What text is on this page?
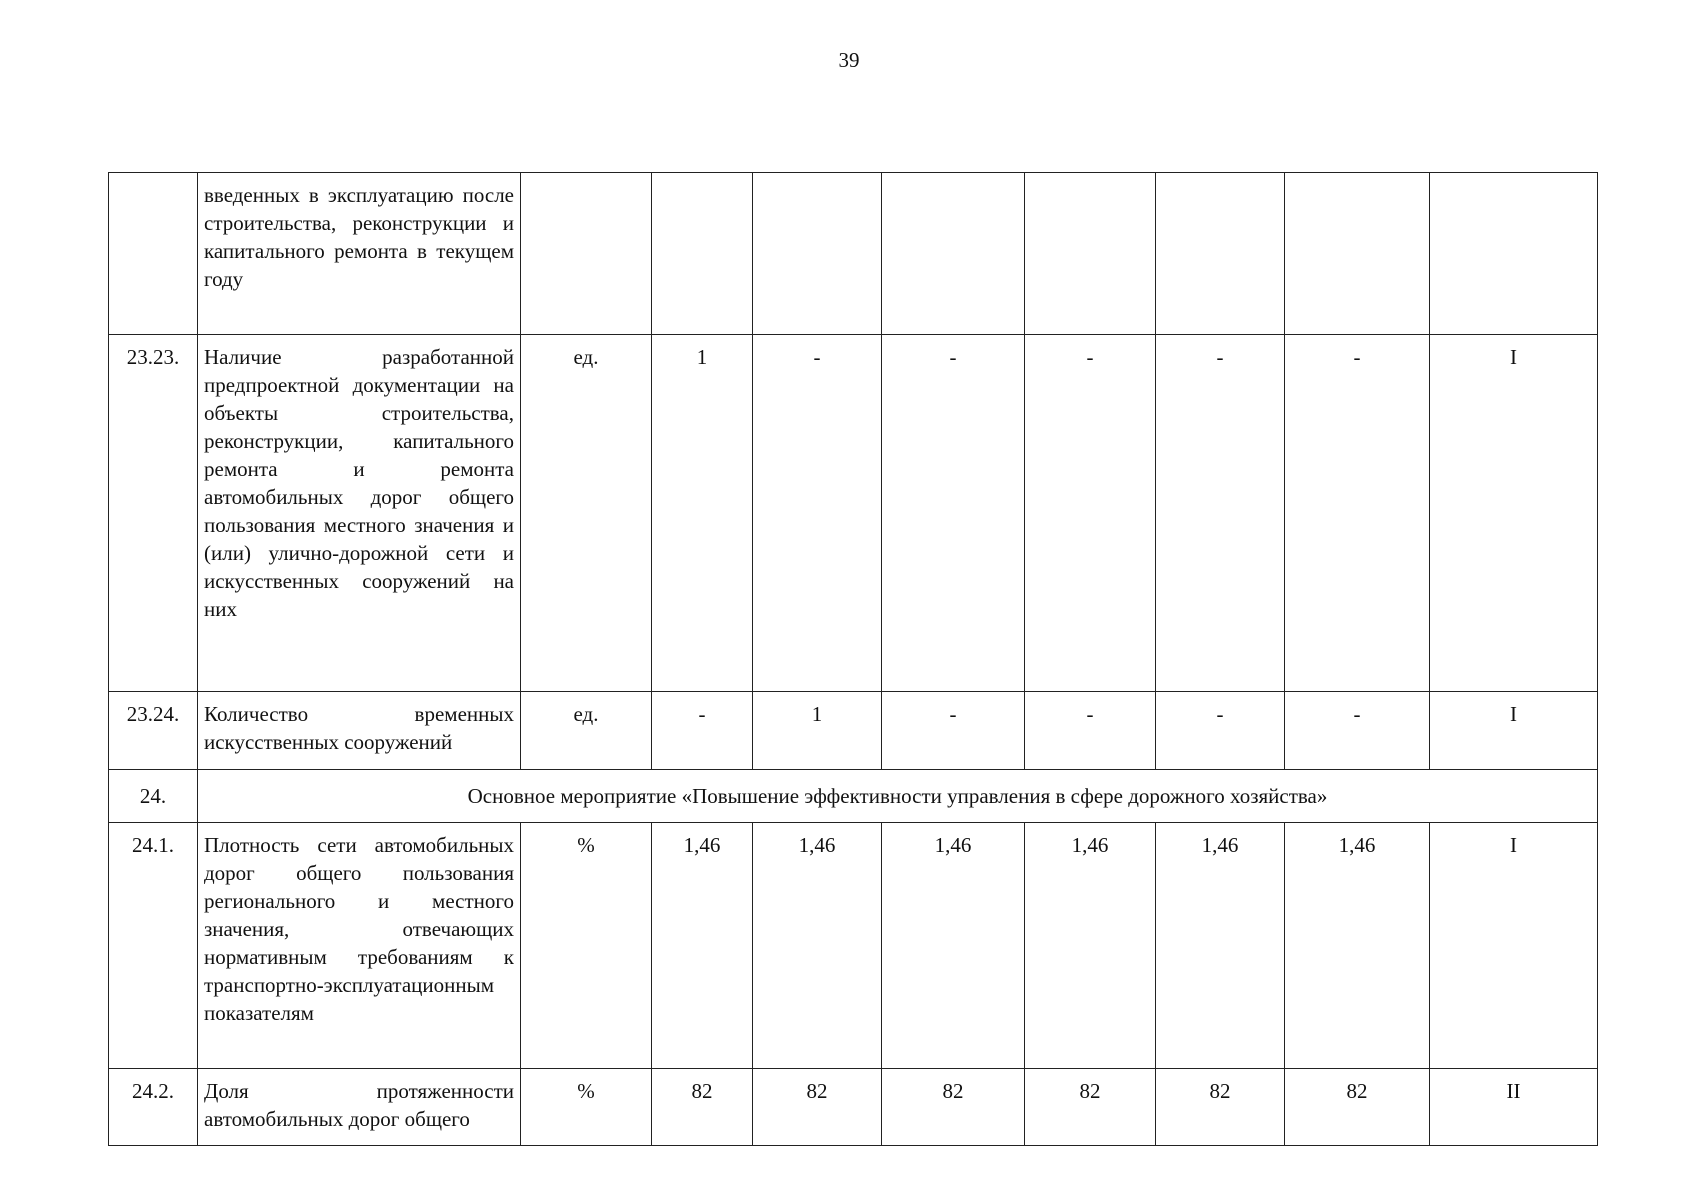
39
	введенных в эксплуатацию после строительства, реконструкции и капитального ремонта в текущем году								
23.23.	Наличие разработанной предпроектной документации на объекты строительства, реконструкции, капитального ремонта и ремонта автомобильных дорог общего пользования местного значения и (или) улично-дорожной сети и искусственных сооружений на них	ед.	1	-	-	-	-	-	I
23.24.	Количество временных искусственных сооружений	ед.	-	1	-	-	-	-	I
24.	Основное мероприятие «Повышение эффективности управления в сфере дорожного хозяйства»								
24.1.	Плотность сети автомобильных дорог общего пользования регионального и местного значения, отвечающих нормативным требованиям к транспортно-эксплуатационным показателям	%	1,46	1,46	1,46	1,46	1,46	1,46	I
24.2.	Доля протяженности автомобильных дорог общего	%	82	82	82	82	82	82	II
